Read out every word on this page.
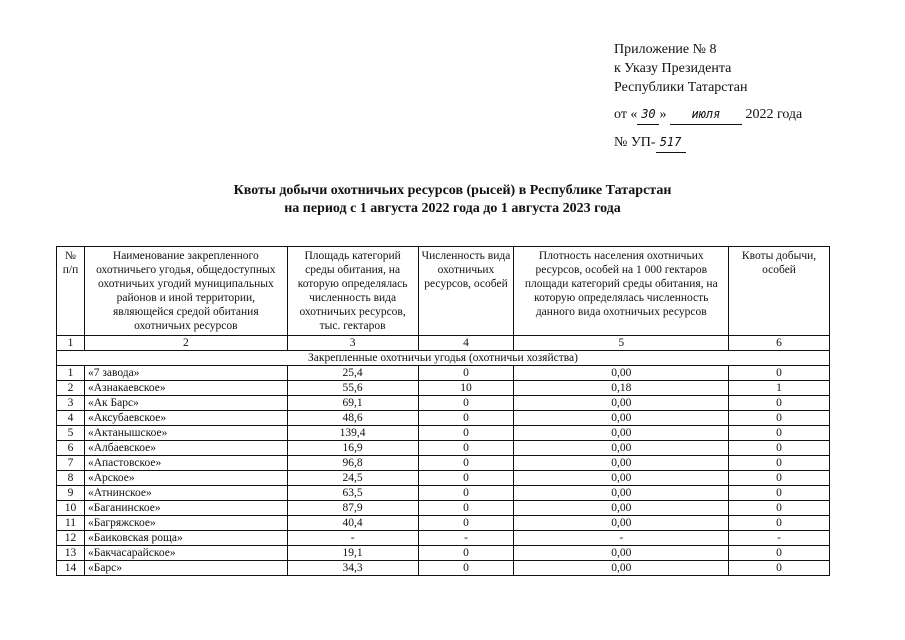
Приложение № 8
к Указу Президента
Республики Татарстан
от « 30 » июля 2022 года
№ УП- 517
Квоты добычи охотничьих ресурсов (рысей) в Республике Татарстан
на период с 1 августа 2022 года до 1 августа 2023 года
№ п/п	Наименование закрепленного охотничьего угодья, общедоступных охотничьих угодий муниципальных районов и иной территории, являющейся средой обитания охотничьих ресурсов	Площадь категорий среды обитания, на которую определялась численность вида охотничьих ресурсов, тыс. гектаров	Численность вида охотничьих ресурсов, особей	Плотность населения охотничьих ресурсов, особей на 1 000 гектаров площади категорий среды обитания, на которую определялась численность данного вида охотничьих ресурсов	Квоты добычи, особей
1	2	3	4	5	6
Закрепленные охотничьи угодья (охотничьи хозяйства)					
1	«7 завода»	25,4	0	0,00	0
2	«Азнакаевское»	55,6	10	0,18	1
3	«Ак Барс»	69,1	0	0,00	0
4	«Аксубаевское»	48,6	0	0,00	0
5	«Актанышское»	139,4	0	0,00	0
6	«Албаевское»	16,9	0	0,00	0
7	«Апастовское»	96,8	0	0,00	0
8	«Арское»	24,5	0	0,00	0
9	«Атнинское»	63,5	0	0,00	0
10	«Баганинское»	87,9	0	0,00	0
11	«Багряжское»	40,4	0	0,00	0
12	«Баиковская роща»	-	-	-	-
13	«Бакчасарайское»	19,1	0	0,00	0
14	«Барс»	34,3	0	0,00	0
